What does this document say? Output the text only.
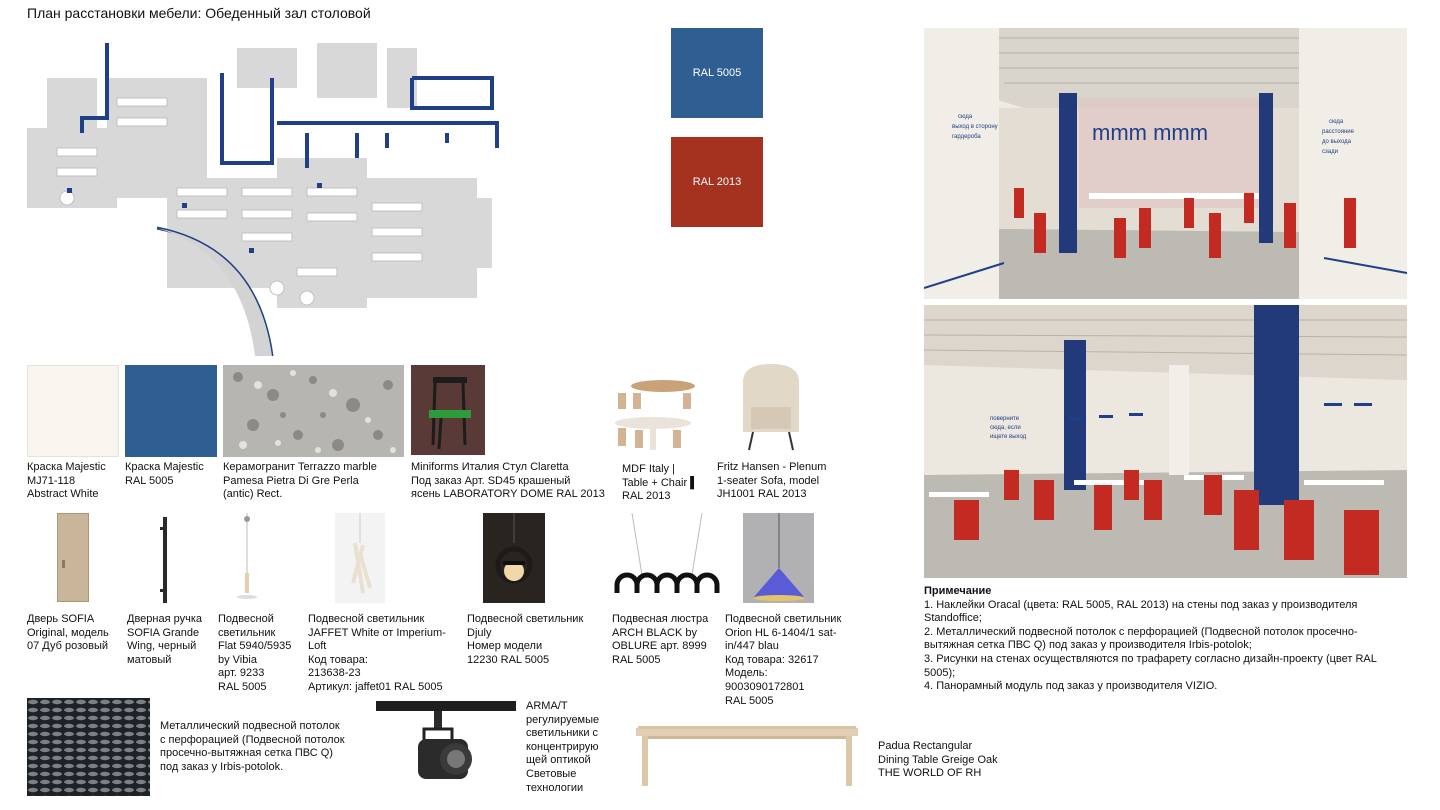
План расстановки мебели: Обеденный зал столовой
RAL 5005
RAL 2013
mmm mmm
сюда
выход в сторону
гардероба
сюда
расстояние
до выхода
сзади
поверните
сюда, если
ищете выход
Примечание

1. Наклейки Oracal (цвета: RAL 5005, RAL 2013) на стены под заказ у производителя Standoffice;

2. Металлический подвесной потолок с перфорацией (Подвесной потолок просечно-вытяжная сетка ПВС Q) под заказ у производителя Irbis-potolok;

3. Рисунки на стенах осуществляются по трафарету согласно дизайн-проекту (цвет RAL 5005);

4. Панорамный модуль под заказ у производителя VIZIO.

Краска Majestic
MJ71-118
Abstract White
Краска Majestic
RAL 5005
Керамогранит Terrazzo marble
Pamesa Pietra Di Gre Perla
(antic) Rect.
Miniforms Италия Стул Claretta
Под заказ Арт. SD45 крашеный
ясень LABORATORY DOME RAL 2013
MDF Italy |
Table + Chair ▌
RAL 2013
Fritz Hansen - Plenum
1-seater Sofa, model
JH1001 RAL 2013
Дверь SOFIA
Original, модель
07 Дуб розовый
Дверная ручка
SOFIA Grande
Wing, черный
матовый
Подвесной
светильник
Flat 5940/5935
by Vibia
арт. 9233
RAL 5005
Подвесной светильник
JAFFET White от Imperium-
Loft
Код товара:
213638-23
Артикул: jaffet01 RAL 5005
Подвесной светильник
Djuly
Номер модели
12230 RAL 5005
Подвесная люстра
ARCH BLACK by
OBLURE арт. 8999
RAL 5005
Подвесной светильник
Orion HL 6-1404/1 sat-
in/447 blau
Код товара: 32617
Модель:
9003090172801
RAL 5005
Металлический подвесной потолок
с перфорацией (Подвесной потолок
просечно-вытяжная сетка ПВС Q)
под заказ у Irbis-potolok.
ARMA/T
регулируемые
светильники с
концентрирую
щей оптикой
Световые
технологии
Padua Rectangular
Dining Table Greige Oak
THE WORLD OF RH
